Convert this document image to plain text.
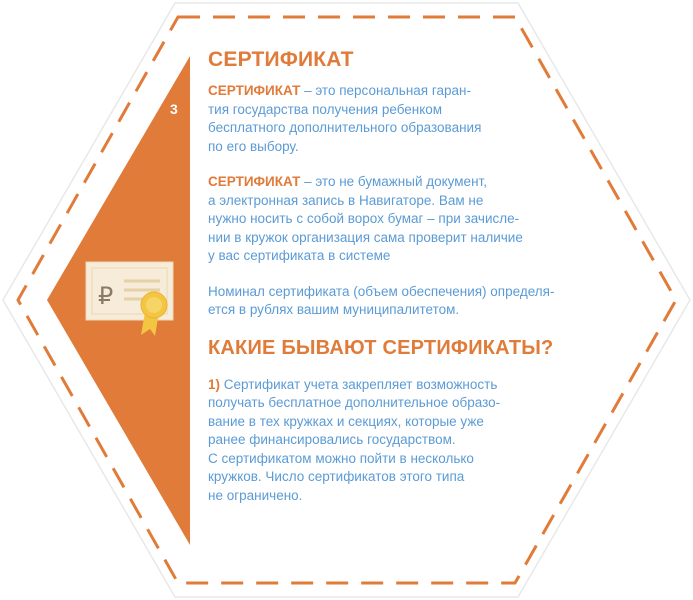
₽
3
СЕРТИФИКАТ
СЕРТИФИКАТ – это персональная гаран-
тия государства получения ребенком
бесплатного дополнительного образования
по его выбору.
СЕРТИФИКАТ – это не бумажный документ,
а электронная запись в Навигаторе. Вам не
нужно носить с собой ворох бумаг – при зачисле-
нии в кружок организация сама проверит наличие
у вас сертификата в системе
Номинал сертификата (объем обеспечения) определя-
ется в рублях вашим муниципалитетом.
КАКИЕ БЫВАЮТ СЕРТИФИКАТЫ?
1) Сертификат учета закрепляет возможность
получать бесплатное дополнительное образо-
вание в тех кружках и секциях, которые уже
ранее финансировались государством.
С сертификатом можно пойти в несколько
кружков. Число сертификатов этого типа
не ограничено.
